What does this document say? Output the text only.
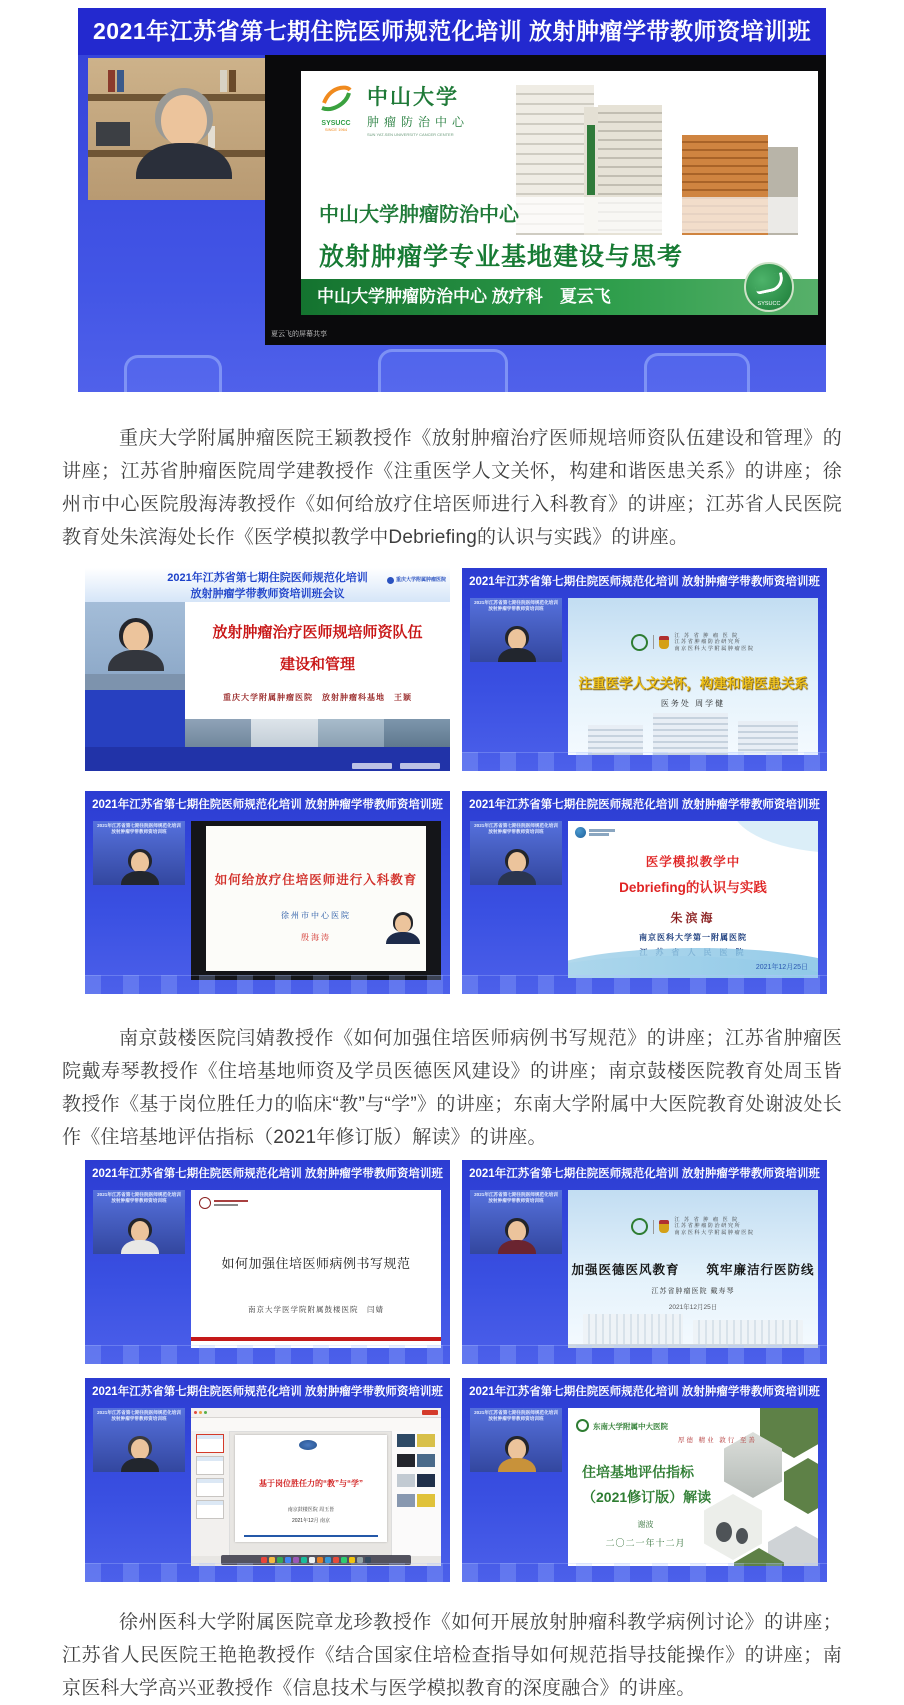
2021年江苏省第七期住院医师规范化培训 放射肿瘤学带教师资培训班
SYSUCC
SINCE 1964
中山大学
肿瘤防治中心
SUN YAT-SEN UNIVERSITY CANCER CENTER
中山大学肿瘤防治中心
放射肿瘤学专业基地建设与思考
中山大学肿瘤防治中心 放疗科　夏云飞	SYSUCC
夏云飞的屏幕共享

重庆大学附属肿瘤医院王颖教授作《放射肿瘤治疗医师规培师资队伍建设和管理》的讲座；江苏省肿瘤医院周学建教授作《注重医学人文关怀，构建和谐医患关系》的讲座；徐州市中心医院殷海涛教授作《如何给放疗住培医师进行入科教育》的讲座；江苏省人民医院教育处朱滨海处长作《医学模拟教学中Debriefing的认识与实践》的讲座。

2021年江苏省第七期住院医师规范化培训
放射肿瘤学带教师资培训班会议
重庆大学附属肿瘤医院
放射肿瘤治疗医师规培师资队伍
建设和管理
重庆大学附属肿瘤医院　放射肿瘤科基地　王颖
2021年江苏省第七期住院医师规范化培训 放射肿瘤学带教师资培训班
2021年江苏省第七期住院医师规范化培训
放射肿瘤学带教师资培训班
江 苏 省 肿 瘤 医 院
江苏省肿瘤防治研究所
南京医科大学附属肿瘤医院
注重医学人文关怀，构建和谐医患关系
医务处 周学健
2021年江苏省第七期住院医师规范化培训 放射肿瘤学带教师资培训班
2021年江苏省第七期住院医师规范化培训
放射肿瘤学带教师资培训班
如何给放疗住培医师进行入科教育
徐州市中心医院
殷海涛
2021年江苏省第七期住院医师规范化培训 放射肿瘤学带教师资培训班
2021年江苏省第七期住院医师规范化培训
放射肿瘤学带教师资培训班
医学模拟教学中
Debriefing的认识与实践
朱滨海
南京医科大学第一附属医院
2021年12月25日

南京鼓楼医院闫婧教授作《如何加强住培医师病例书写规范》的讲座；江苏省肿瘤医院戴寿琴教授作《住培基地师资及学员医德医风建设》的讲座；南京鼓楼医院教育处周玉皆教授作《基于岗位胜任力的临床“教”与“学”》的讲座；东南大学附属中大医院教育处谢波处长作《住培基地评估指标（2021年修订版）解读》的讲座。

2021年江苏省第七期住院医师规范化培训 放射肿瘤学带教师资培训班
2021年江苏省第七期住院医师规范化培训
放射肿瘤学带教师资培训班
如何加强住培医师病例书写规范
南京大学医学院附属鼓楼医院　闫婧
2021年江苏省第七期住院医师规范化培训 放射肿瘤学带教师资培训班
2021年江苏省第七期住院医师规范化培训
放射肿瘤学带教师资培训班
江 苏 省 肿 瘤 医 院
江苏省肿瘤防治研究所
南京医科大学附属肿瘤医院
加强医德医风教育　　筑牢廉洁行医防线
江苏省肿瘤医院 戴寿琴
2021年12月25日
2021年江苏省第七期住院医师规范化培训 放射肿瘤学带教师资培训班
2021年江苏省第七期住院医师规范化培训
放射肿瘤学带教师资培训班
基于岗位胜任力的“教”与“学”
南京鼓楼医院 周玉皆
2021年12月 南京
2021年江苏省第七期住院医师规范化培训 放射肿瘤学带教师资培训班
2021年江苏省第七期住院医师规范化培训
放射肿瘤学带教师资培训班
东南大学附属中大医院
厚德 精业 敦行 至善
住培基地评估指标
（2021修订版）解读
谢波
二〇二一年十二月

徐州医科大学附属医院章龙珍教授作《如何开展放射肿瘤科教学病例讨论》的讲座；江苏省人民医院王艳艳教授作《结合国家住培检查指导如何规范指导技能操作》的讲座；南京医科大学高兴亚教授作《信息技术与医学模拟教育的深度融合》的讲座。
